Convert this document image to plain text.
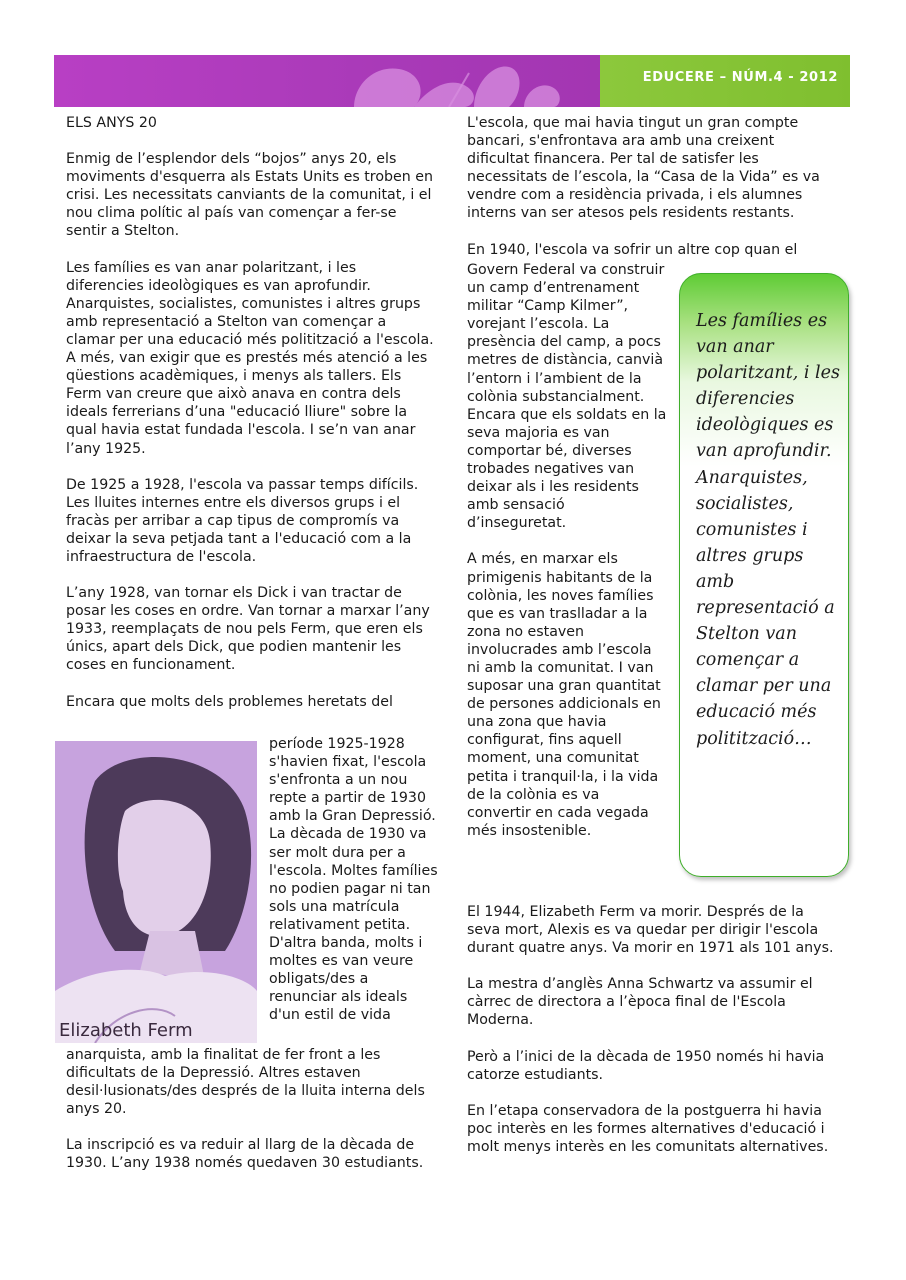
EDUCERE – NÚM.4 - 2012

ELS ANYS 20

Enmig de l’esplendor dels “bojos” anys 20, els moviments d'esquerra als Estats Units es troben en crisi. Les necessitats canviants de la comunitat, i el nou clima polític al país van començar a fer-se sentir a Stelton.

Les famílies es van anar polaritzant, i les diferencies ideològiques es van aprofundir. Anarquistes, socialistes, comunistes i altres grups amb representació a Stelton van començar a clamar per una educació més politització a l'escola. A més, van exigir que es prestés més atenció a les qüestions acadèmiques, i menys als tallers. Els Ferm van creure que això anava en contra dels ideals ferrerians d’una "educació lliure" sobre la qual havia estat fundada l'escola. I se’n van anar l’any 1925.

De 1925 a 1928, l'escola va passar temps difícils. Les lluites internes entre els diversos grups i el fracàs per arribar a cap tipus de compromís va deixar la seva petjada tant a l'educació com a la infraestructura de l'escola.

L’any 1928, van tornar els Dick i van tractar de posar les coses en ordre. Van tornar a marxar l’any 1933, reemplaçats de nou pels Ferm, que eren els únics, apart dels Dick, que podien mantenir les coses en funcionament.

Encara que molts dels problemes heretats del

Elizabeth Ferm
període 1925-1928 s'havien fixat, l'escola s'enfronta a un nou repte a partir de 1930 amb la Gran Depressió. La dècada de 1930 va ser molt dura per a l'escola. Moltes famílies no podien pagar ni tan sols una matrícula relativament petita. D'altra banda, molts i moltes es van veure obligats/des a renunciar als ideals d'un estil de vida

anarquista, amb la finalitat de fer front a les dificultats de la Depressió. Altres estaven desil·lusionats/des després de la lluita interna dels anys 20.

La inscripció es va reduir al llarg de la dècada de 1930. L’any 1938 només quedaven 30 estudiants.

L'escola, que mai havia tingut un gran compte bancari, s'enfrontava ara amb una creixent dificultat financera. Per tal de satisfer les necessitats de l’escola, la “Casa de la Vida” es va vendre com a residència privada, i els alumnes interns van ser atesos pels residents restants.

En 1940, l'escola va sofrir un altre cop quan el

Govern Federal va construir un camp d’entrenament militar “Camp Kilmer”, vorejant l’escola. La presència del camp, a pocs metres de distància, canvià l’entorn i l’ambient de la colònia substancialment. Encara que els soldats en la seva majoria es van comportar bé, diverses trobades negatives van deixar als i les residents amb sensació d’inseguretat.

A més, en marxar els primigenis habitants de la colònia, les noves famílies que es van traslladar a la zona no estaven involucrades amb l’escola ni amb la comunitat. I van suposar una gran quantitat de persones addicionals en una zona que havia configurat, fins aquell moment, una comunitat petita i tranquil·la, i la vida de la colònia es va convertir en cada vegada més insostenible.

Les famílies es van anar polaritzant, i les diferencies ideològiques es van aprofundir. Anarquistes, socialistes, comunistes i altres grups amb representació a Stelton van començar a clamar per una educació més politització…

El 1944, Elizabeth Ferm va morir. Després de la seva mort, Alexis es va quedar per dirigir l'escola durant quatre anys. Va morir en 1971 als 101 anys.

La mestra d’anglès Anna Schwartz va assumir el càrrec de directora a l’època final de l'Escola Moderna.

Però a l’inici de la dècada de 1950 només hi havia catorze estudiants.

En l’etapa conservadora de la postguerra hi havia poc interès en les formes alternatives d'educació i molt menys interès en les comunitats alternatives.
